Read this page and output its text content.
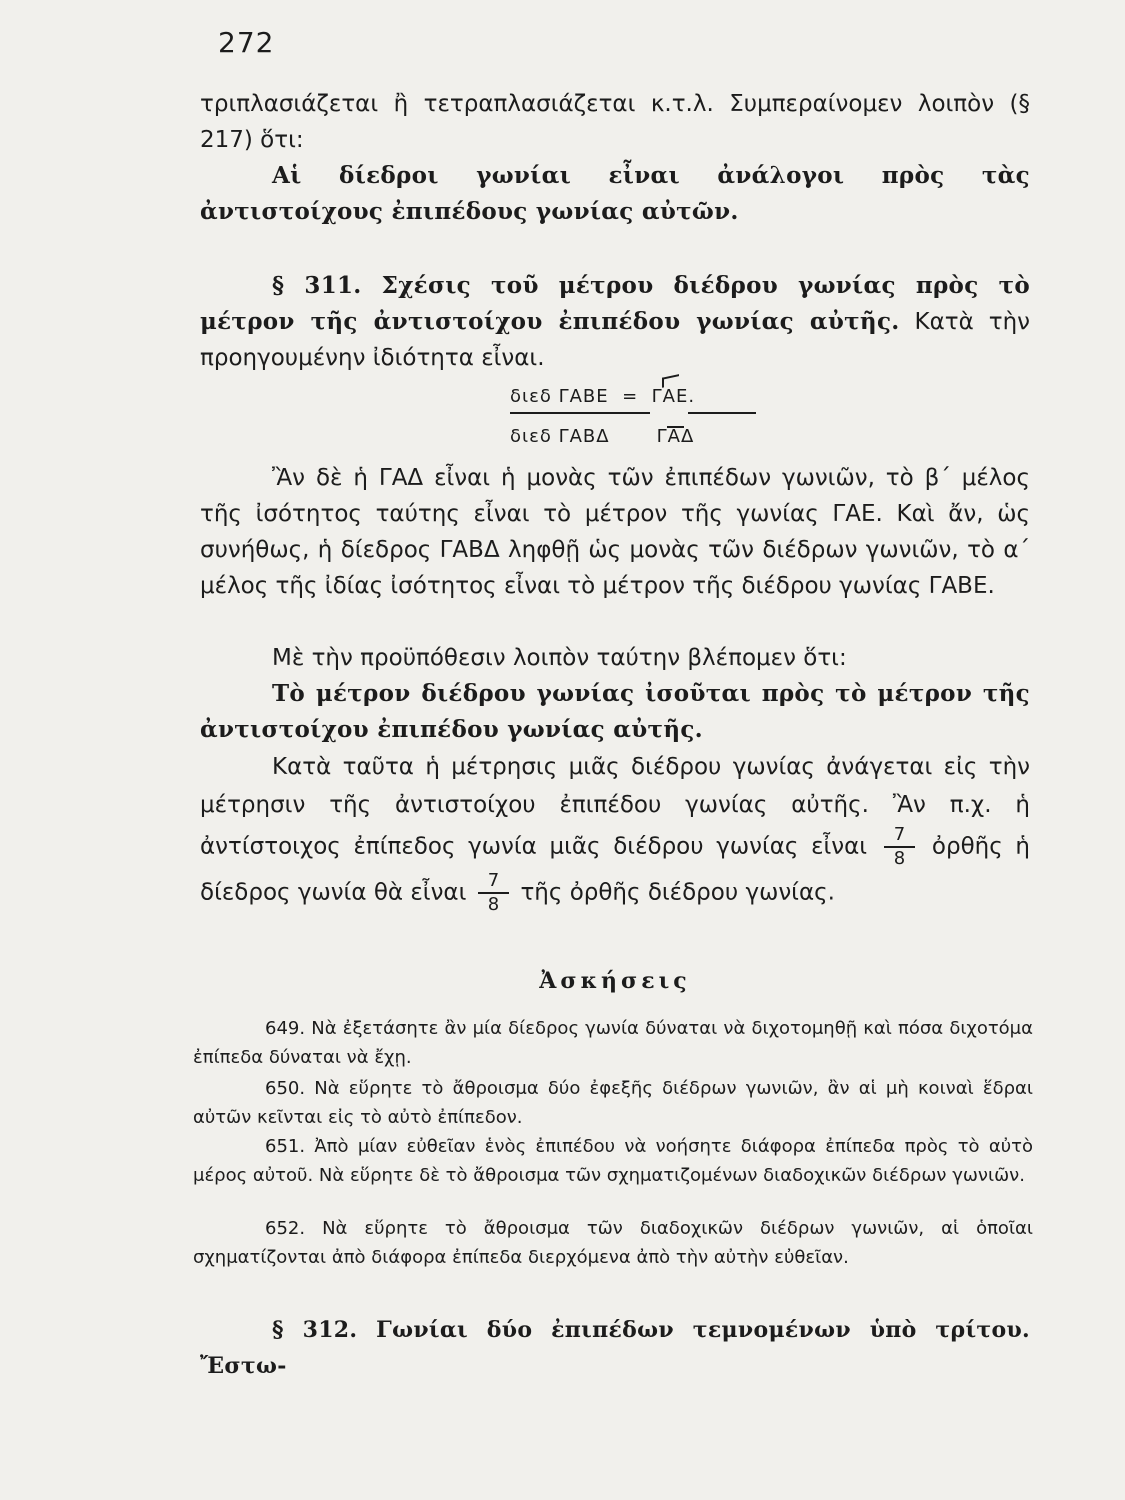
272

τριπλασιάζεται ἢ τετραπλασιάζεται κ.τ.λ. Συμπεραίνομεν λοιπὸν (§ 217) ὅτι:

Αἱ δίεδροι γωνίαι εἶναι ἀνάλογοι πρὸς τὰς ἀντιστοίχους ἐπιπέδους γωνίας αὐτῶν.

§ 311. Σχέσις τοῦ μέτρου διέδρου γωνίας πρὸς τὸ μέτρον τῆς ἀντιστοίχου ἐπιπέδου γωνίας αὐτῆς. Κατὰ τὴν προηγουμένην ἰδιότητα εἶναι.

διεδ ΓΑΒΕ = ΓΑΕ.
διεδ ΓΑΒΔ	ΓΑΔ

Ἂν δὲ ἡ ΓΑΔ εἶναι ἡ μονὰς τῶν ἐπιπέδων γωνιῶν, τὸ β΄ μέλος τῆς ἰσότητος ταύτης εἶναι τὸ μέτρον τῆς γωνίας ΓΑΕ. Καὶ ἄν, ὡς συνήθως, ἡ δίεδρος ΓΑΒΔ ληφθῇ ὡς μονὰς τῶν διέδρων γωνιῶν, τὸ α΄ μέλος τῆς ἰδίας ἰσότητος εἶναι τὸ μέτρον τῆς διέδρου γωνίας ΓΑΒΕ.

Μὲ τὴν προϋπόθεσιν λοιπὸν ταύτην βλέπομεν ὅτι:

Τὸ μέτρον διέδρου γωνίας ἰσοῦται πρὸς τὸ μέτρον τῆς ἀντιστοίχου ἐπιπέδου γωνίας αὐτῆς.

Κατὰ ταῦτα ἡ μέτρησις μιᾶς διέδρου γωνίας ἀνάγεται εἰς τὴν μέτρησιν τῆς ἀντιστοίχου ἐπιπέδου γωνίας αὐτῆς. Ἂν π.χ. ἡ ἀντίστοιχος ἐπίπεδος γωνία μιᾶς διέδρου γωνίας εἶναι $\frac{7}{8}$ ὀρθῆς ἡ δίεδρος γωνία θὰ εἶναι $\frac{7}{8}$ τῆς ὀρθῆς διέδρου γωνίας.

Ἀσκήσεις

649. Νὰ ἐξετάσητε ἂν μία δίεδρος γωνία δύναται νὰ διχοτομηθῇ καὶ πόσα διχοτόμα ἐπίπεδα δύναται νὰ ἔχῃ.

650. Νὰ εὕρητε τὸ ἄθροισμα δύο ἐφεξῆς διέδρων γωνιῶν, ἂν αἱ μὴ κοιναὶ ἕδραι αὐτῶν κεῖνται εἰς τὸ αὐτὸ ἐπίπεδον.

651. Ἀπὸ μίαν εὐθεῖαν ἑνὸς ἐπιπέδου νὰ νοήσητε διάφορα ἐπίπεδα πρὸς τὸ αὐτὸ μέρος αὐτοῦ. Νὰ εὕρητε δὲ τὸ ἄθροισμα τῶν σχηματιζομένων διαδοχικῶν διέδρων γωνιῶν.

652. Νὰ εὕρητε τὸ ἄθροισμα τῶν διαδοχικῶν διέδρων γωνιῶν, αἱ ὁποῖαι σχηματίζονται ἀπὸ διάφορα ἐπίπεδα διερχόμενα ἀπὸ τὴν αὐτὴν εὐθεῖαν.

§ 312. Γωνίαι δύο ἐπιπέδων τεμνομένων ὑπὸ τρίτου. Ἔστω-
